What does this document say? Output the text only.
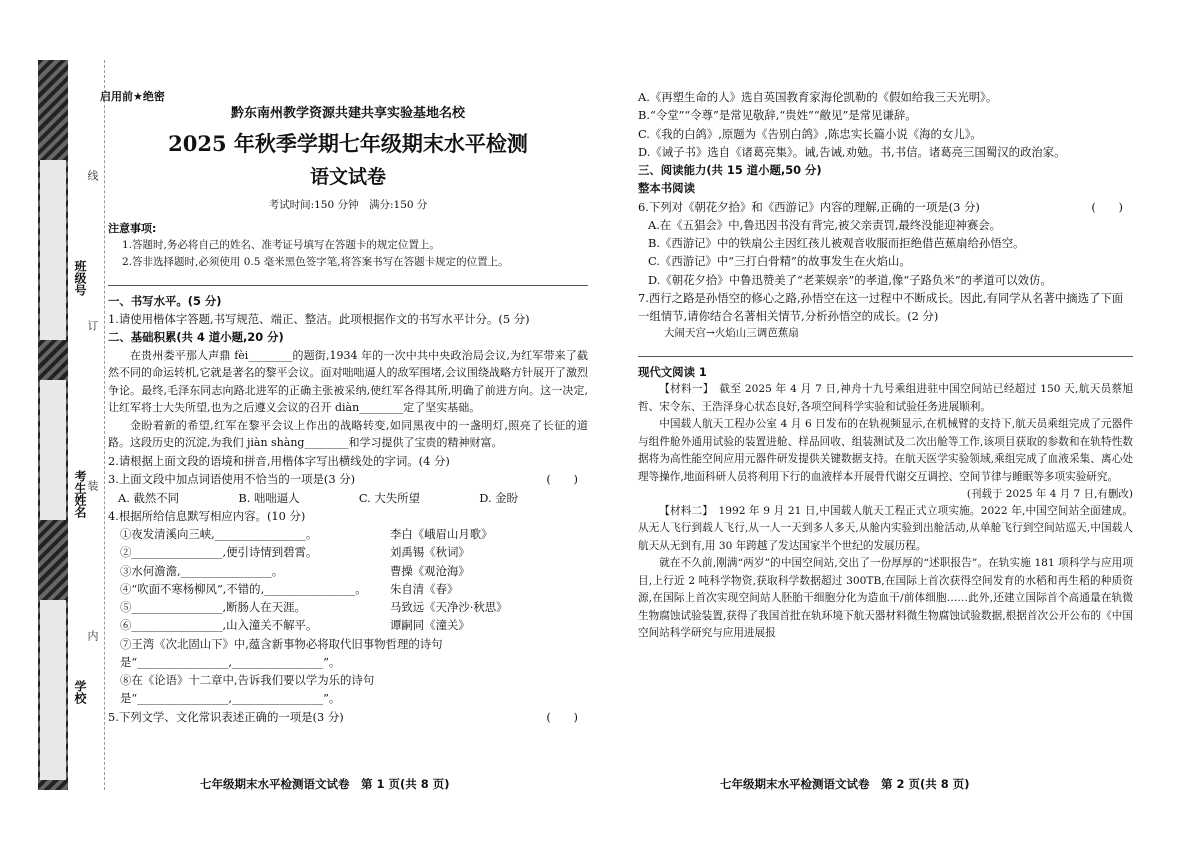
班级号
考生姓名
学校
线
订
装
内
启用前★绝密
黔东南州教学资源共建共享实验基地名校
2025 年秋季学期七年级期末水平检测
语文试卷
考试时间:150 分钟　满分:150 分
注意事项:
1.答题时,务必将自己的姓名、准考证号填写在答题卡的规定位置上。
2.答非选择题时,必须使用 0.5 毫米黑色签字笔,将答案书写在答题卡规定的位置上。
一、书写水平。(5 分)
1.请使用楷体字答题,书写规范、端正、整洁。此项根据作文的书写水平计分。(5 分)
二、基础积累(共 4 道小题,20 分)
在贵州娄平那人声鼎 fèi________的题街,1934 年的一次中共中央政治局会议,为红军带来了截然不同的命运转机,它就是著名的黎平会议。面对咄咄逼人的敌军围堵,会议围绕战略方针展开了激烈争论。最终,毛泽东同志向路北进军的正确主张被采纳,使红军各得其所,明确了前进方向。这一决定,让红军将士大失所望,也为之后遵义会议的召开 diàn________定了坚实基础。
金盼着新的希望,红军在黎平会议上作出的战略转变,如同黑夜中的一盏明灯,照亮了长征的道路。这段历史的沉淀,为我们 jiàn shàng________和学习提供了宝贵的精神财富。
2.请根据上面文段的语境和拼音,用楷体字写出横线处的字词。(4 分)
3.上面文段中加点词语使用不恰当的一项是(3 分)	(　　)
A. 截然不同	B. 咄咄逼人	C. 大失所望	D. 金盼
4.根据所给信息默写相应内容。(10 分)
①夜发清溪向三峡,________________。	李白《峨眉山月歌》
②________________,便引诗情到碧霄。	刘禹锡《秋词》
③水何澹澹,________________。	曹操《观沧海》
④“吹面不寒杨柳风”,不错的,________________。	朱自清《春》
⑤________________,断肠人在天涯。	马致远《天净沙·秋思》
⑥________________,山入潼关不解平。	谭嗣同《潼关》
⑦王湾《次北固山下》中,蕴含新事物必将取代旧事物哲理的诗句是“________________,________________”。
⑧在《论语》十二章中,告诉我们要以学为乐的诗句是“________________,________________”。
5.下列文学、文化常识表述正确的一项是(3 分)	(　　)
A.《再塑生命的人》选自英国教育家海伦凯勒的《假如给我三天光明》。
B.“令堂”“令尊”是常见敬辞,“贵姓”“敝见”是常见谦辞。
C.《我的白鸽》,原题为《告别白鸽》,陈忠实长篇小说《海的女儿》。
D.《诫子书》选自《诸葛亮集》。诫,告诫,劝勉。书,书信。诸葛亮三国蜀汉的政治家。
三、阅读能力(共 15 道小题,50 分)
整本书阅读
6.下列对《朝花夕拾》和《西游记》内容的理解,正确的一项是(3 分)	(　　)
A.在《五猖会》中,鲁迅因书没有背完,被父亲责罚,最终没能迎神赛会。
B.《西游记》中的铁扇公主因红孩儿被观音收服而拒绝借芭蕉扇给孙悟空。
C.《西游记》中“三打白骨精”的故事发生在火焰山。
D.《朝花夕拾》中鲁迅赞美了“老莱娱亲”的孝道,像“子路负米”的孝道可以效仿。
7.西行之路是孙悟空的修心之路,孙悟空在这一过程中不断成长。因此,有同学从名著中摘选了下面一组情节,请你结合名著相关情节,分析孙悟空的成长。(2 分)
大闹天宫→火焰山三调芭蕉扇
现代文阅读 1
【材料一】　截至 2025 年 4 月 7 日,神舟十九号乘组进驻中国空间站已经超过 150 天,航天员蔡旭哲、宋令东、王浩泽身心状态良好,各项空间科学实验和试验任务进展顺利。
中国载人航天工程办公室 4 月 6 日发布的在轨视频显示,在机械臂的支持下,航天员乘组完成了元器件与组件舱外通用试验的装置进舱、样品回收、组装测试及二次出舱等工作,该项目获取的参数和在轨特性数据将为高性能空间应用元器件研发提供关键数据支持。在航天医学实验领域,乘组完成了血液采集、离心处理等操作,地面科研人员将利用下行的血液样本开展骨代谢交互调控、空间节律与睡眠等多项实验研究。
(刊载于 2025 年 4 月 7 日,有删改)
【材料二】　1992 年 9 月 21 日,中国载人航天工程正式立项实施。2022 年,中国空间站全面建成。从无人飞行到载人飞行,从一人一天到多人多天,从舱内实验到出舱活动,从单舱飞行到空间站巡天,中国载人航天从无到有,用 30 年跨越了发达国家半个世纪的发展历程。
就在不久前,刚满“两岁”的中国空间站,交出了一份厚厚的“述职报告”。在轨实施 181 项科学与应用项目,上行近 2 吨科学物资,获取科学数据超过 300TB,在国际上首次获得空间发育的水稻和再生稻的种质资源,在国际上首次实现空间站人胚胎干细胞分化为造血干/前体细胞……此外,还建立国际首个高通量在轨微生物腐蚀试验装置,获得了我国首批在轨环境下航天器材料微生物腐蚀试验数据,根据首次公开公布的《中国空间站科学研究与应用进展报
七年级期末水平检测语文试卷　第 1 页(共 8 页)	七年级期末水平检测语文试卷　第 2 页(共 8 页)
